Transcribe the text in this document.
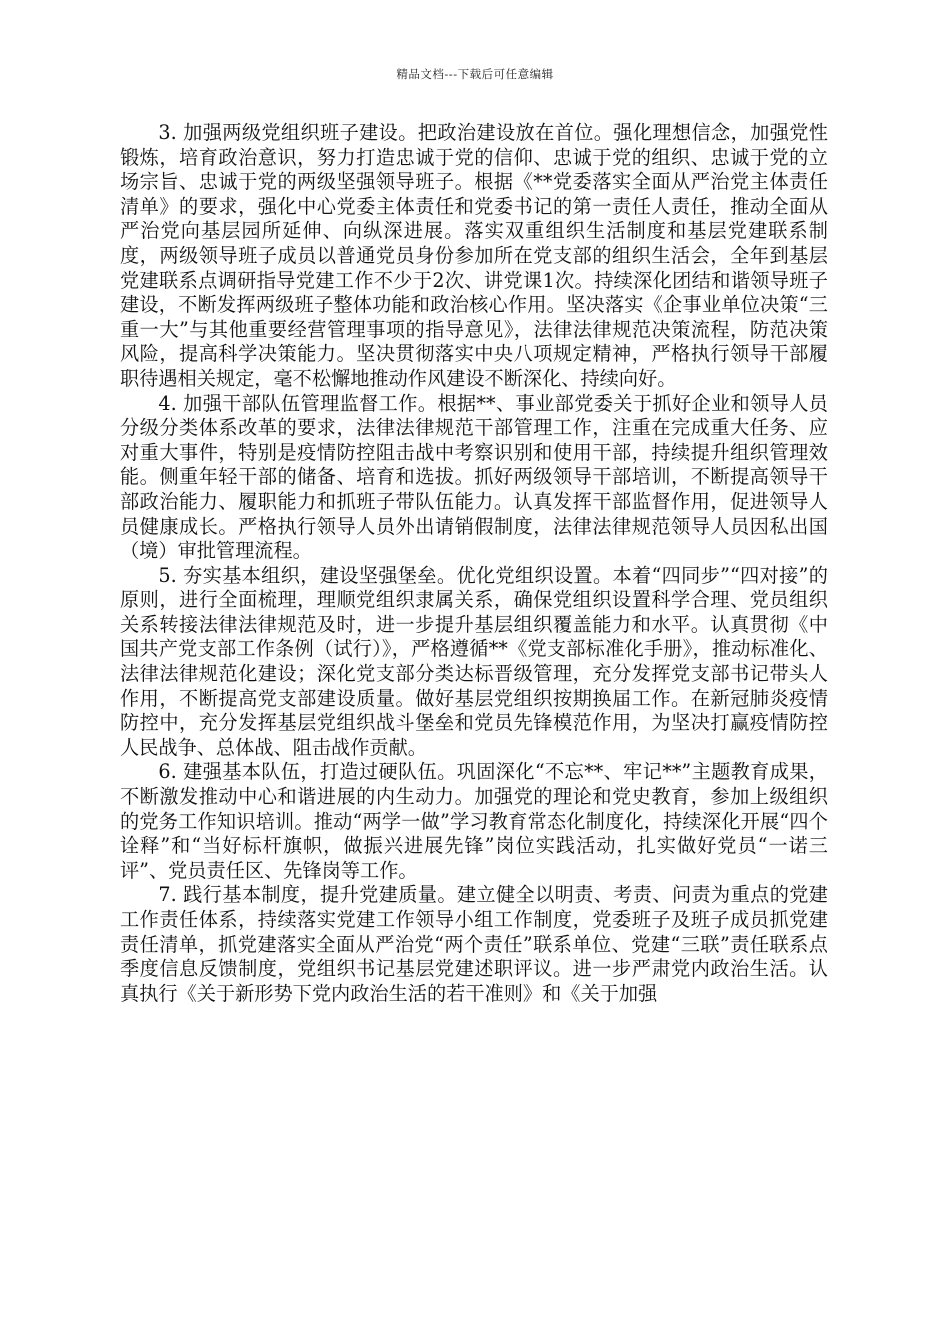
精品文档---下载后可任意编辑

3. 加强两级党组织班子建设。把政治建设放在首位。强化理想信念，加强党性锻炼，培育政治意识，努力打造忠诚于党的信仰、忠诚于党的组织、忠诚于党的立场宗旨、忠诚于党的两级坚强领导班子。根据《**党委落实全面从严治党主体责任清单》的要求，强化中心党委主体责任和党委书记的第一责任人责任，推动全面从严治党向基层园所延伸、向纵深进展。落实双重组织生活制度和基层党建联系制度，两级领导班子成员以普通党员身份参加所在党支部的组织生活会，全年到基层党建联系点调研指导党建工作不少于2次、讲党课1次。持续深化团结和谐领导班子建设，不断发挥两级班子整体功能和政治核心作用。坚决落实《企事业单位决策“三重一大”与其他重要经营管理事项的指导意见》，法律法律规范决策流程，防范决策风险，提高科学决策能力。坚决贯彻落实中央八项规定精神，严格执行领导干部履职待遇相关规定，毫不松懈地推动作风建设不断深化、持续向好。

4. 加强干部队伍管理监督工作。根据**、事业部党委关于抓好企业和领导人员分级分类体系改革的要求，法律法律规范干部管理工作，注重在完成重大任务、应对重大事件，特别是疫情防控阻击战中考察识别和使用干部，持续提升组织管理效能。侧重年轻干部的储备、培育和选拔。抓好两级领导干部培训，不断提高领导干部政治能力、履职能力和抓班子带队伍能力。认真发挥干部监督作用，促进领导人员健康成长。严格执行领导人员外出请销假制度，法律法律规范领导人员因私出国（境）审批管理流程。

5. 夯实基本组织，建设坚强堡垒。优化党组织设置。本着“四同步”“四对接”的原则，进行全面梳理，理顺党组织隶属关系，确保党组织设置科学合理、党员组织关系转接法律法律规范及时，进一步提升基层组织覆盖能力和水平。认真贯彻《中国共产党支部工作条例（试行）》，严格遵循**《党支部标准化手册》，推动标准化、法律法律规范化建设；深化党支部分类达标晋级管理，充分发挥党支部书记带头人作用，不断提高党支部建设质量。做好基层党组织按期换届工作。在新冠肺炎疫情防控中，充分发挥基层党组织战斗堡垒和党员先锋模范作用，为坚决打赢疫情防控人民战争、总体战、阻击战作贡献。

6. 建强基本队伍，打造过硬队伍。巩固深化“不忘**、牢记**”主题教育成果，不断激发推动中心和谐进展的内生动力。加强党的理论和党史教育，参加上级组织的党务工作知识培训。推动“两学一做”学习教育常态化制度化，持续深化开展“四个诠释”和“当好标杆旗帜，做振兴进展先锋”岗位实践活动，扎实做好党员“一诺三评”、党员责任区、先锋岗等工作。

7. 践行基本制度，提升党建质量。建立健全以明责、考责、问责为重点的党建工作责任体系，持续落实党建工作领导小组工作制度，党委班子及班子成员抓党建责任清单，抓党建落实全面从严治党“两个责任”联系单位、党建“三联”责任联系点季度信息反馈制度，党组织书记基层党建述职评议。进一步严肃党内政治生活。认真执行《关于新形势下党内政治生活的若干准则》和《关于加强
